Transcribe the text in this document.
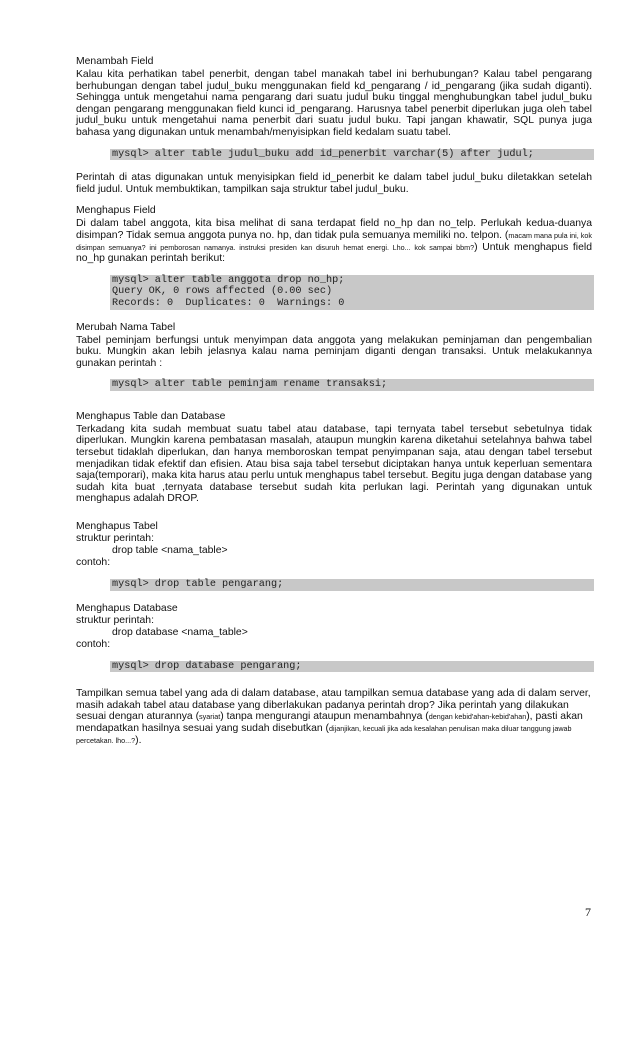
Menambah Field

Kalau kita perhatikan tabel penerbit, dengan tabel manakah tabel ini berhubungan? Kalau tabel pengarang berhubungan dengan tabel judul_buku menggunakan field kd_pengarang / id_pengarang (jika sudah diganti). Sehingga untuk mengetahui nama pengarang dari suatu judul buku tinggal menghubungkan tabel judul_buku dengan pengarang menggunakan field kunci id_pengarang. Harusnya tabel penerbit diperlukan juga oleh tabel judul_buku untuk mengetahui nama penerbit dari suatu judul buku. Tapi jangan khawatir, SQL punya juga bahasa yang digunakan untuk menambah/menyisipkan field kedalam suatu tabel.

mysql> alter table judul_buku add id_penerbit varchar(5) after judul;

Perintah di atas digunakan untuk menyisipkan field id_penerbit ke dalam tabel judul_buku diletakkan setelah field judul. Untuk membuktikan, tampilkan saja struktur tabel judul_buku.

Menghapus Field

Di dalam tabel anggota, kita bisa melihat di sana terdapat field no_hp dan no_telp. Perlukah kedua-duanya disimpan? Tidak semua anggota punya no. hp, dan tidak pula semuanya memiliki no. telpon. (macam mana pula ini, kok disimpan semuanya? ini pemborosan namanya. instruksi presiden kan disuruh hemat energi. Lho... kok sampai bbm?) Untuk menghapus field no_hp gunakan perintah berikut:

mysql> alter table anggota drop no_hp;
Query OK, 0 rows affected (0.00 sec)
Records: 0  Duplicates: 0  Warnings: 0
Merubah Nama Tabel

Tabel peminjam berfungsi untuk menyimpan data anggota yang melakukan peminjaman dan pengembalian buku. Mungkin akan lebih jelasnya kalau nama peminjam diganti dengan transaksi. Untuk melakukannya gunakan perintah :

mysql> alter table peminjam rename transaksi;
Menghapus Table dan Database

Terkadang kita sudah membuat suatu tabel atau database, tapi ternyata tabel tersebut sebetulnya tidak diperlukan. Mungkin karena pembatasan masalah, ataupun mungkin karena diketahui setelahnya bahwa tabel tersebut tidaklah diperlukan, dan hanya memboroskan tempat penyimpanan saja, atau dengan tabel tersebut menjadikan tidak efektif dan efisien. Atau bisa saja tabel tersebut diciptakan hanya untuk keperluan sementara saja(temporari), maka kita harus atau perlu untuk menghapus tabel tersebut. Begitu juga dengan database yang sudah kita buat ,ternyata database tersebut sudah kita perlukan lagi. Perintah yang digunakan untuk menghapus adalah DROP.

Menghapus Tabel
struktur perintah:
drop table <nama_table>
contoh:
mysql> drop table pengarang;
Menghapus Database
struktur perintah:
drop database <nama_table>
contoh:
mysql> drop database pengarang;

Tampilkan semua tabel yang ada di dalam database, atau tampilkan semua database yang ada di dalam server, masih adakah tabel atau database yang diberlakukan padanya perintah drop? Jika perintah yang dilakukan sesuai dengan aturannya (syariat) tanpa mengurangi ataupun menambahnya (dengan kebid'ahan-kebid'ahan), pasti akan mendapatkan hasilnya sesuai yang sudah disebutkan (dijanjikan, kecuali jika ada kesalahan penulisan maka diluar tanggung jawab percetakan. lho...?).

7
